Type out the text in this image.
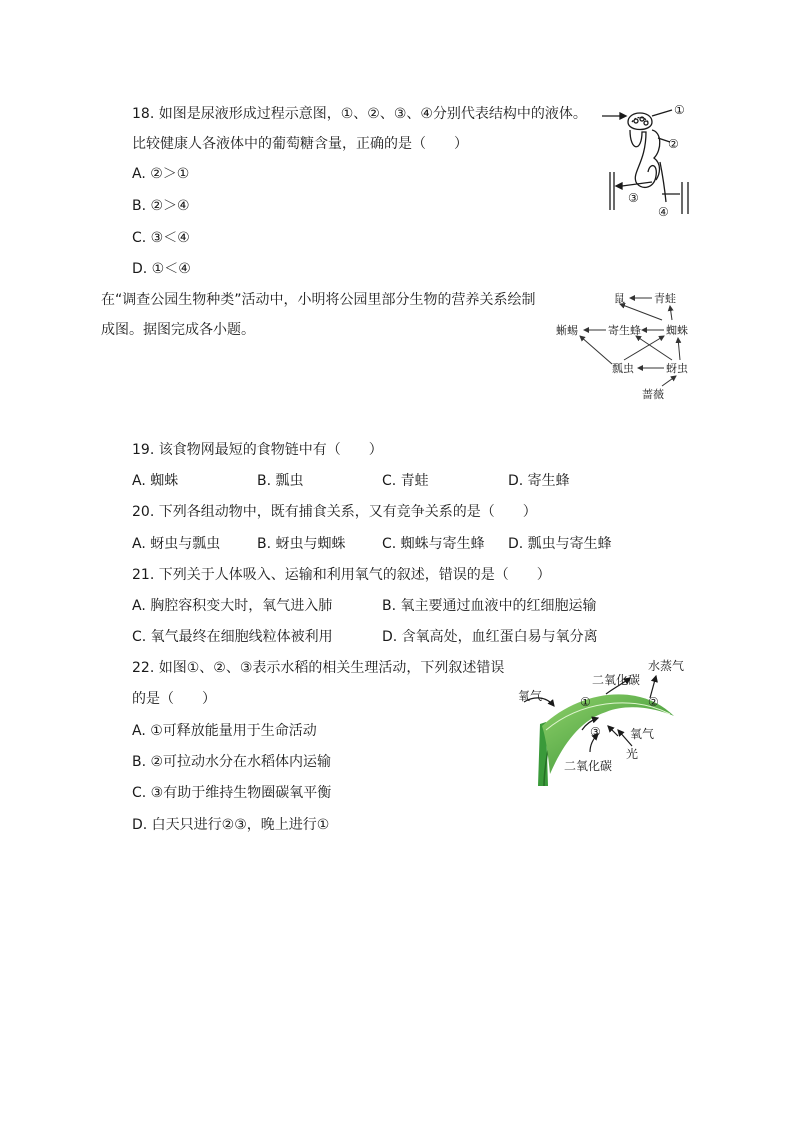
18. 如图是尿液形成过程示意图，①、②、③、④分别代表结构中的液体。
比较健康人各液体中的葡萄糖含量，正确的是（　　）
A. ②＞①
B. ②＞④
C. ③＜④
D. ①＜④
①
②
③
④
在“调查公园生物种类”活动中，小明将公园里部分生物的营养关系绘制
成图。据图完成各小题。
鼠	青蛙
蜥蜴	寄生蜂 蜘蛛
瓢虫	蚜虫
蔷薇
19. 该食物网最短的食物链中有（　　）
A. 蜘蛛	B. 瓢虫	C. 青蛙	D. 寄生蜂
20. 下列各组动物中，既有捕食关系，又有竞争关系的是（　　）
A. 蚜虫与瓢虫	B. 蚜虫与蜘蛛	C. 蜘蛛与寄生蜂 D. 瓢虫与寄生蜂
21. 下列关于人体吸入、运输和利用氧气的叙述，错误的是（　　）
A. 胸腔容积变大时，氧气进入肺	B. 氧主要通过血液中的红细胞运输
C. 氧气最终在细胞线粒体被利用	D. 含氧高处，血红蛋白易与氧分离
22. 如图①、②、③表示水稻的相关生理活动，下列叙述错误
的是（　　）
A. ①可释放能量用于生命活动
B. ②可拉动水分在水稻体内运输
C. ③有助于维持生物圈碳氧平衡
D. 白天只进行②③，晚上进行①
水蒸气
二氧化碳
氧气	①	②
③ 氧气
光
二氧化碳
